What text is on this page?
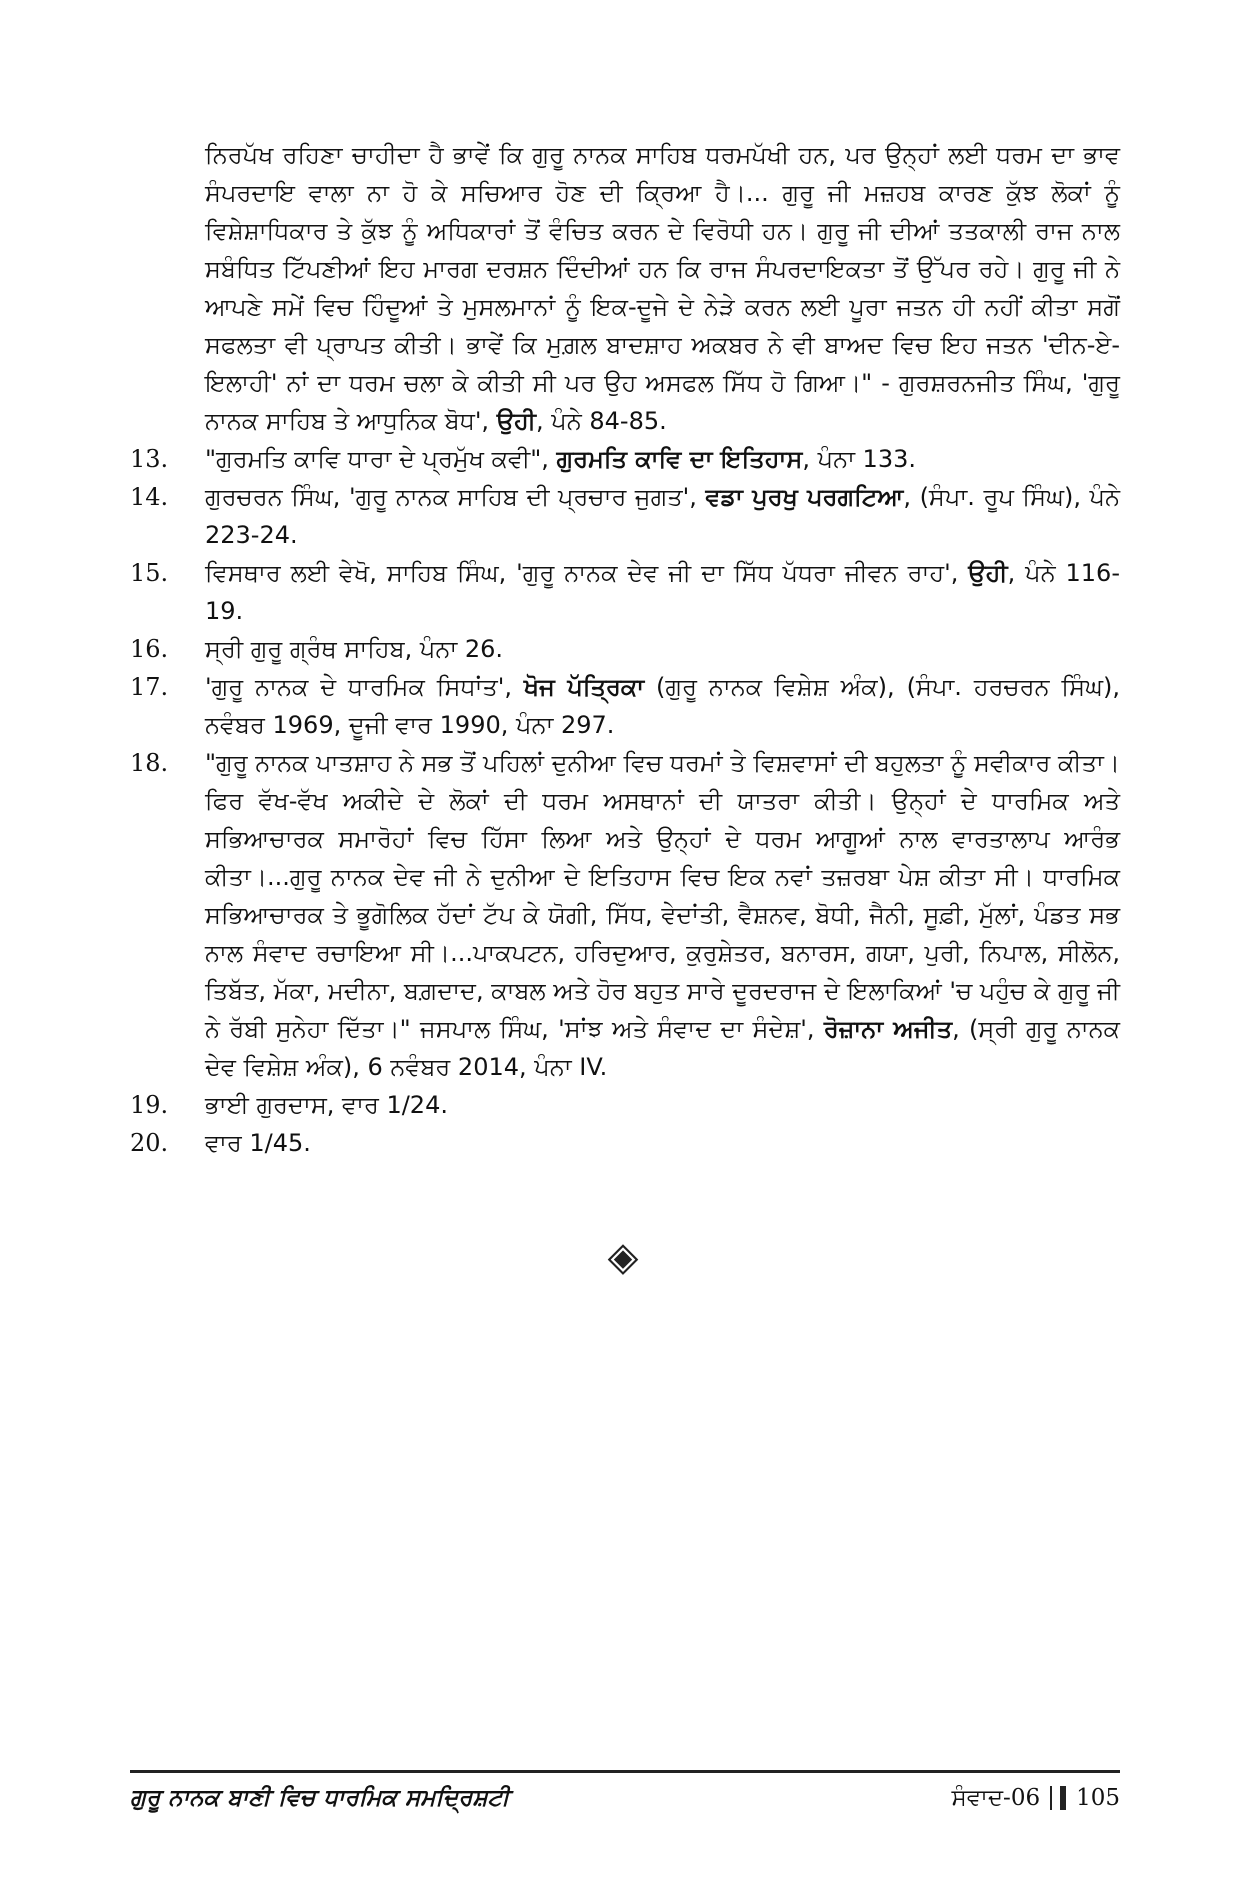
ਨਿਰਪੱਖ ਰਹਿਣਾ ਚਾਹੀਦਾ ਹੈ ਭਾਵੇਂ ਕਿ ਗੁਰੂ ਨਾਨਕ ਸਾਹਿਬ ਧਰਮਪੱਖੀ ਹਨ, ਪਰ ਉਨ੍ਹਾਂ ਲਈ ਧਰਮ ਦਾ ਭਾਵ ਸੰਪਰਦਾਇ ਵਾਲਾ ਨਾ ਹੋ ਕੇ ਸਚਿਆਰ ਹੋਣ ਦੀ ਕ੍ਰਿਆ ਹੈ।... ਗੁਰੂ ਜੀ ਮਜ਼ਹਬ ਕਾਰਣ ਕੁੱਝ ਲੋਕਾਂ ਨੂੰ ਵਿਸ਼ੇਸ਼ਾਧਿਕਾਰ ਤੇ ਕੁੱਝ ਨੂੰ ਅਧਿਕਾਰਾਂ ਤੋਂ ਵੰਚਿਤ ਕਰਨ ਦੇ ਵਿਰੋਧੀ ਹਨ। ਗੁਰੂ ਜੀ ਦੀਆਂ ਤਤਕਾਲੀ ਰਾਜ ਨਾਲ ਸਬੰਧਿਤ ਟਿੱਪਣੀਆਂ ਇਹ ਮਾਰਗ ਦਰਸ਼ਨ ਦਿੰਦੀਆਂ ਹਨ ਕਿ ਰਾਜ ਸੰਪਰਦਾਇਕਤਾ ਤੋਂ ਉੱਪਰ ਰਹੇ। ਗੁਰੂ ਜੀ ਨੇ ਆਪਣੇ ਸਮੇਂ ਵਿਚ ਹਿੰਦੂਆਂ ਤੇ ਮੁਸਲਮਾਨਾਂ ਨੂੰ ਇਕ-ਦੂਜੇ ਦੇ ਨੇੜੇ ਕਰਨ ਲਈ ਪੂਰਾ ਜਤਨ ਹੀ ਨਹੀਂ ਕੀਤਾ ਸਗੋਂ ਸਫਲਤਾ ਵੀ ਪ੍ਰਾਪਤ ਕੀਤੀ। ਭਾਵੇਂ ਕਿ ਮੁਗ਼ਲ ਬਾਦਸ਼ਾਹ ਅਕਬਰ ਨੇ ਵੀ ਬਾਅਦ ਵਿਚ ਇਹ ਜਤਨ 'ਦੀਨ-ਏ-ਇਲਾਹੀ' ਨਾਂ ਦਾ ਧਰਮ ਚਲਾ ਕੇ ਕੀਤੀ ਸੀ ਪਰ ਉਹ ਅਸਫਲ ਸਿੱਧ ਹੋ ਗਿਆ।" - ਗੁਰਸ਼ਰਨਜੀਤ ਸਿੰਘ, 'ਗੁਰੂ ਨਾਨਕ ਸਾਹਿਬ ਤੇ ਆਧੁਨਿਕ ਬੋਧ', ਉਹੀ, ਪੰਨੇ 84-85.

13.	"ਗੁਰਮਤਿ ਕਾਵਿ ਧਾਰਾ ਦੇ ਪ੍ਰਮੁੱਖ ਕਵੀ", ਗੁਰਮਤਿ ਕਾਵਿ ਦਾ ਇਤਿਹਾਸ, ਪੰਨਾ 133.
14.	ਗੁਰਚਰਨ ਸਿੰਘ, 'ਗੁਰੂ ਨਾਨਕ ਸਾਹਿਬ ਦੀ ਪ੍ਰਚਾਰ ਜੁਗਤ', ਵਡਾ ਪੁਰਖੁ ਪਰਗਟਿਆ, (ਸੰਪਾ. ਰੂਪ ਸਿੰਘ), ਪੰਨੇ 223-24.
15.	ਵਿਸਥਾਰ ਲਈ ਵੇਖੋ, ਸਾਹਿਬ ਸਿੰਘ, 'ਗੁਰੂ ਨਾਨਕ ਦੇਵ ਜੀ ਦਾ ਸਿੱਧ ਪੱਧਰਾ ਜੀਵਨ ਰਾਹ', ਉਹੀ, ਪੰਨੇ 116-19.
16.	ਸ੍ਰੀ ਗੁਰੂ ਗ੍ਰੰਥ ਸਾਹਿਬ, ਪੰਨਾ 26.
17.	'ਗੁਰੂ ਨਾਨਕ ਦੇ ਧਾਰਮਿਕ ਸਿਧਾਂਤ', ਖੋਜ ਪੱਤ੍ਰਿਕਾ (ਗੁਰੂ ਨਾਨਕ ਵਿਸ਼ੇਸ਼ ਅੰਕ), (ਸੰਪਾ. ਹਰਚਰਨ ਸਿੰਘ), ਨਵੰਬਰ 1969, ਦੂਜੀ ਵਾਰ 1990, ਪੰਨਾ 297.
18.	"ਗੁਰੂ ਨਾਨਕ ਪਾਤਸ਼ਾਹ ਨੇ ਸਭ ਤੋਂ ਪਹਿਲਾਂ ਦੁਨੀਆ ਵਿਚ ਧਰਮਾਂ ਤੇ ਵਿਸ਼ਵਾਸਾਂ ਦੀ ਬਹੁਲਤਾ ਨੂੰ ਸਵੀਕਾਰ ਕੀਤਾ। ਫਿਰ ਵੱਖ-ਵੱਖ ਅਕੀਦੇ ਦੇ ਲੋਕਾਂ ਦੀ ਧਰਮ ਅਸਥਾਨਾਂ ਦੀ ਯਾਤਰਾ ਕੀਤੀ। ਉਨ੍ਹਾਂ ਦੇ ਧਾਰਮਿਕ ਅਤੇ ਸਭਿਆਚਾਰਕ ਸਮਾਰੋਹਾਂ ਵਿਚ ਹਿੱਸਾ ਲਿਆ ਅਤੇ ਉਨ੍ਹਾਂ ਦੇ ਧਰਮ ਆਗੂਆਂ ਨਾਲ ਵਾਰਤਾਲਾਪ ਆਰੰਭ ਕੀਤਾ।...ਗੁਰੂ ਨਾਨਕ ਦੇਵ ਜੀ ਨੇ ਦੁਨੀਆ ਦੇ ਇਤਿਹਾਸ ਵਿਚ ਇਕ ਨਵਾਂ ਤਜ਼ਰਬਾ ਪੇਸ਼ ਕੀਤਾ ਸੀ। ਧਾਰਮਿਕ ਸਭਿਆਚਾਰਕ ਤੇ ਭੂਗੋਲਿਕ ਹੱਦਾਂ ਟੱਪ ਕੇ ਯੋਗੀ, ਸਿੱਧ, ਵੇਦਾਂਤੀ, ਵੈਸ਼ਨਵ, ਬੋਧੀ, ਜੈਨੀ, ਸੂਫ਼ੀ, ਮੁੱਲਾਂ, ਪੰਡਤ ਸਭ ਨਾਲ ਸੰਵਾਦ ਰਚਾਇਆ ਸੀ।...ਪਾਕਪਟਨ, ਹਰਿਦੁਆਰ, ਕੁਰੁਸ਼ੇਤਰ, ਬਨਾਰਸ, ਗਯਾ, ਪੁਰੀ, ਨਿਪਾਲ, ਸੀਲੋਨ, ਤਿਬੱਤ, ਮੱਕਾ, ਮਦੀਨਾ, ਬਗ਼ਦਾਦ, ਕਾਬਲ ਅਤੇ ਹੋਰ ਬਹੁਤ ਸਾਰੇ ਦੂਰਦਰਾਜ ਦੇ ਇਲਾਕਿਆਂ 'ਚ ਪਹੁੰਚ ਕੇ ਗੁਰੂ ਜੀ ਨੇ ਰੱਬੀ ਸੁਨੇਹਾ ਦਿੱਤਾ।" ਜਸਪਾਲ ਸਿੰਘ, 'ਸਾਂਝ ਅਤੇ ਸੰਵਾਦ ਦਾ ਸੰਦੇਸ਼', ਰੋਜ਼ਾਨਾ ਅਜੀਤ, (ਸ੍ਰੀ ਗੁਰੂ ਨਾਨਕ ਦੇਵ ਵਿਸ਼ੇਸ਼ ਅੰਕ), 6 ਨਵੰਬਰ 2014, ਪੰਨਾ IV.
19.	ਭਾਈ ਗੁਰਦਾਸ, ਵਾਰ 1/24.
20.	ਵਾਰ 1/45.
◈
ਗੁਰੂ ਨਾਨਕ ਬਾਣੀ ਵਿਚ ਧਾਰਮਿਕ ਸਮਦ੍ਰਿਸ਼ਟੀ	ਸੰਵਾਦ-06 105
